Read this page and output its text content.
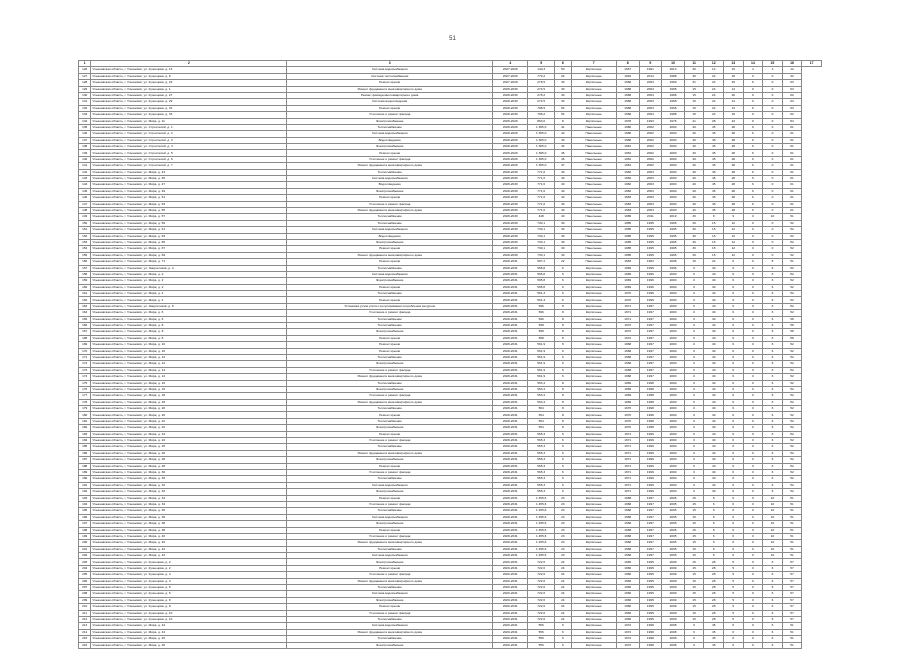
51
1	2	3	4	5	6	7	8	9	10	11	12	13	14	15	16	17
126	Ульяновская область, г. Ульяновск, ул. Кузнецова, д. 13	Система водоснабжения	2027-2029	140,3	50	Кирпичные	1967	1991	2013	30	14	15	4	3	12	
127	Ульяновская область, г. Ульяновск, ул. Кузнецова, д. 8	Система теплоснабжения	2027-2029	779,2	24	Кирпичные	1994	2014	1988	30	24	18	0	0	32	
128	Ульяновская область, г. Ульяновск, ул. Кузнецова, д. 22	Ремонт крыши	2027-2029	278,5	30	Кирпичные	1968	2003	1969	31	24	25	6	0	63	
129	Ульяновская область, г. Ульяновск, ул. Кузнецова, д. 1	Ремонт фундамента многоквартирного дома	2028-2030	274,5	30	Кирпичные	1968	2003	1968	15	24	14	0	0	63	
130	Ульяновская область, г. Ульяновск, ул. Кузнецова, д. 27	Ремонт фасада многоквартирного дома	2028-2030	278,2	30	Кирпичные	1968	2004	1988	15	24	26	6	0	62	
131	Ульяновская область, г. Ульяновск, ул. Кузнецова, д. 29	Система водоотведения	2028-2030	274,5	30	Кирпичные	1968	2003	1968	15	24	14	0	0	63	
132	Ульяновская область, г. Ульяновск, ул. Кузнецова, д. 31	Ремонт крыши	2028-2030	798,9	54	Кирпичные	1968	2003	1968	15	24	14	6	0	63	
133	Ульяновская область, г. Ульяновск, ул. Кузнецова, д. 33	Утепление и ремонт фасада	2028-2030	798,2	54	Кирпичные	1968	2004	1988	15	24	18	0	0	62	
134	Ульяновская область, г. Ульяновск, ул. Мира, д. 11	Электроснабжение	2028-2029	863,0	8	Кирпичные	1978	1993	1976	41	28	24	0	0	84	
135	Ульяновская область, г. Ульяновск, ул. Строителей, д. 1	Теплоснабжение	2028-2029	1 365,0	41	Панельные	1980	2002	2000	40	45	28	6	0	61	
136	Ульяновская область, г. Ульяновск, ул. Строителей, д. 2	Система водоснабжения	2028-2029	1 365,0	42	Панельные	1980	2002	2000	40	45	28	6	0	61	
137	Ульяновская область, г. Ульяновск, ул. Строителей, д. 3	Водоотведение	2028-2029	1 365,0	43	Панельные	1980	2002	2000	40	45	28	6	0	61	
138	Ульяновская область, г. Ульяновск, ул. Строителей, д. 4	Электроснабжение	2028-2029	1 365,0	44	Панельные	1981	2002	2000	40	45	28	6	0	61	
139	Ульяновская область, г. Ульяновск, ул. Строителей, д. 5	Ремонт крыши	2028-2029	1 365,0	45	Панельные	1981	2002	2000	40	45	28	6	0	61	
140	Ульяновская область, г. Ульяновск, ул. Строителей, д. 6	Утепление и ремонт фасада	2028-2029	1 365,0	46	Панельные	1981	2002	2000	40	45	28	6	0	61	
141	Ульяновская область, г. Ульяновск, ул. Строителей, д. 7	Ремонт фундамента многоквартирного дома	2028-2029	1 365,0	47	Панельные	1981	2002	2000	40	45	28	6	0	61	
142	Ульяновская область, г. Ульяновск, ул. Мира, д. 43	Теплоснабжение	2028-2030	771,6	40	Панельные	1982	2003	2000	40	45	28	6	0	61	
143	Ульяновская область, г. Ульяновск, ул. Мира, д. 45	Система водоснабжения	2028-2030	771,6	40	Панельные	1982	2003	2000	40	45	28	6	0	61	
144	Ульяновская область, г. Ульяновск, ул. Мира, д. 47	Водоотведение	2028-2030	771,6	40	Панельные	1982	2003	2000	40	45	28	6	0	61	
145	Ульяновская область, г. Ульяновск, ул. Мира, д. 49	Электроснабжение	2028-2030	771,6	40	Панельные	1982	2003	2000	40	45	28	6	0	61	
146	Ульяновская область, г. Ульяновск, ул. Мира, д. 51	Ремонт крыши	2028-2030	771,6	40	Панельные	1983	2003	2000	40	45	28	6	0	61	
147	Ульяновская область, г. Ульяновск, ул. Мира, д. 53	Утепление и ремонт фасада	2028-2030	771,6	40	Панельные	1983	2003	2000	40	45	28	6	0	61	
148	Ульяновская область, г. Ульяновск, ул. Мира, д. 55	Ремонт фундамента многоквартирного дома	2028-2030	771,6	40	Панельные	1983	2003	2000	40	45	28	6	0	61	
149	Ульяновская область, г. Ульяновск, ул. Мира, д. 57	Теплоснабжение	2028-2030	448	40	Панельные	1989	2011	2019	30	8	9	0	10	51	
150	Ульяновская область, г. Ульяновск, ул. Мира, д. 59	Теплоснабжение	2028-2030	730,1	30	Панельные	1985	1995	1995	30	15	12	0	0	52	
151	Ульяновская область, г. Ульяновск, ул. Мира, д. 61	Система водоснабжения	2028-2030	730,1	30	Панельные	1985	1995	1995	30	15	12	0	0	52	
152	Ульяновская область, г. Ульяновск, ул. Мира, д. 63	Водоотведение	2028-2030	730,1	30	Панельные	1985	1995	1995	30	15	12	0	0	52	
153	Ульяновская область, г. Ульяновск, ул. Мира, д. 65	Электроснабжение	2028-2030	730,1	30	Панельные	1985	1995	1995	30	15	12	0	0	52	
154	Ульяновская область, г. Ульяновск, ул. Мира, д. 67	Ремонт крыши	2028-2030	730,1	30	Панельные	1985	1995	1995	30	15	12	0	0	52	
155	Ульяновская область, г. Ульяновск, ул. Мира, д. 69	Ремонт фундамента многоквартирного дома	2028-2030	730,1	30	Панельные	1985	1995	1995	30	15	12	0	0	52	
156	Ульяновская область, г. Ульяновск, ул. Мира, д. 71	Ремонт крыши	2028-2031	997,2	22	Панельные	1983	1983	2008	15	24	6	0	8	51	
157	Ульяновская область, г. Ульяновск, ул. Энергетиков, д. 4	Теплоснабжение	2028-2031	595,8	6	Кирпичные	1969	1996	1996	0	40	6	0	6	52	
158	Ульяновская область, г. Ульяновск, ул. Мира, д. 2	Система водоснабжения	2028-2031	595,8	6	Кирпичные	1969	1996	2000	0	40	6	0	6	52	
159	Ульяновская область, г. Ульяновск, ул. Мира, д. 2	Электроснабжение	2028-2031	595,8	6	Кирпичные	1969	1996	2000	0	40	6	0	6	52	
160	Ульяновская область, г. Ульяновск, ул. Мира, д. 2	Ремонт крыши	2028-2031	595,8	6	Кирпичные	1969	1996	2000	0	40	6	0	6	52	
161	Ульяновская область, г. Ульяновск, ул. Мира, д. 4	Теплоснабжение	2028-2031	561,3	6	Кирпичные	1970	1996	2000	0	40	6	0	6	52	
162	Ульяновская область, г. Ульяновск, ул. Мира, д. 4	Ремонт крыши	2028-2031	561,3	6	Кирпичные	1970	1996	2000	0	40	6	0	6	52	
163	Ульяновская область, г. Ульяновск, ул. Энергетиков, д. 6	Установка узлов учёта и регулирования потребления ресурсов	2028-2031	596	8	Кирпичные	1971	1997	2000	0	40	6	0	6	52	
164	Ульяновская область, г. Ульяновск, ул. Мира, д. 6	Утепление и ремонт фасада	2028-2031	596	8	Кирпичные	1971	1997	2000	0	40	6	0	6	52	
165	Ульяновская область, г. Ульяновск, ул. Мира, д. 6	Теплоснабжение	2028-2031	596	8	Кирпичные	1971	1997	2000	0	40	6	0	6	58	
166	Ульяновская область, г. Ульяновск, ул. Мира, д. 8	Теплоснабжение	2028-2031	598	8	Кирпичные	1972	1997	2000	0	40	6	0	6	58	
167	Ульяновская область, г. Ульяновск, ул. Мира, д. 8	Электроснабжение	2028-2031	598	8	Кирпичные	1972	1997	2000	0	40	6	0	6	58	
168	Ульяновская область, г. Ульяновск, ул. Мира, д. 8	Ремонт крыши	2028-2031	598	8	Кирпичные	1972	1997	2000	0	40	6	0	6	58	
169	Ульяновская область, г. Ульяновск, ул. Мира, д. 10	Ремонт крыши	2028-2031	561,9	6	Кирпичные	1968	1997	2000	0	40	6	0	6	52	
170	Ульяновская область, г. Ульяновск, ул. Мира, д. 10	Ремонт крыши	2028-2031	561,9	6	Кирпичные	1968	1997	2000	0	40	6	0	6	52	
171	Ульяновская область, г. Ульяновск, ул. Мира, д. 12	Теплоснабжение	2028-2031	561,9	6	Кирпичные	1968	1997	2000	0	40	6	0	6	52	
172	Ульяновская область, г. Ульяновск, ул. Мира, д. 12	Электроснабжение	2028-2031	561,9	6	Кирпичные	1968	1997	2000	0	40	6	0	6	52	
173	Ульяновская область, г. Ульяновск, ул. Мира, д. 14	Утепление и ремонт фасада	2028-2031	561,9	6	Кирпичные	1968	1997	2000	0	40	6	0	6	52	
174	Ульяновская область, г. Ульяновск, ул. Мира, д. 14	Ремонт фундамента многоквартирного дома	2028-2031	561,9	6	Кирпичные	1968	1997	2000	0	40	6	0	6	52	
175	Ульяновская область, г. Ульяновск, ул. Мира, д. 16	Теплоснабжение	2028-2031	563,4	8	Кирпичные	1969	1998	2000	0	40	6	0	6	52	
176	Ульяновская область, г. Ульяновск, ул. Мира, д. 16	Электроснабжение	2028-2031	563,4	8	Кирпичные	1969	1998	2000	0	40	6	0	6	52	
177	Ульяновская область, г. Ульяновск, ул. Мира, д. 18	Утепление и ремонт фасада	2028-2031	563,4	8	Кирпичные	1969	1998	2000	0	40	6	0	6	52	
178	Ульяновская область, г. Ульяновск, ул. Мира, д. 18	Ремонт фундамента многоквартирного дома	2028-2031	563,4	8	Кирпичные	1969	1998	2000	0	40	6	0	6	52	
179	Ульяновская область, г. Ульяновск, ул. Мира, д. 20	Теплоснабжение	2028-2031	564	8	Кирпичные	1970	1998	2000	0	40	6	0	6	52	
180	Ульяновская область, г. Ульяновск, ул. Мира, д. 20	Ремонт крыши	2028-2031	564	8	Кирпичные	1970	1998	2000	0	40	6	0	6	52	
181	Ульяновская область, г. Ульяновск, ул. Мира, д. 22	Теплоснабжение	2028-2031	564	8	Кирпичные	1970	1998	2000	0	40	6	0	6	52	
182	Ульяновская область, г. Ульяновск, ул. Мира, д. 22	Электроснабжение	2028-2031	564	8	Кирпичные	1970	1998	2000	0	40	6	0	6	52	
183	Ульяновская область, г. Ульяновск, ул. Мира, д. 24	Ремонт крыши	2028-2031	565,3	6	Кирпичные	1971	1999	2000	0	40	6	0	6	52	
184	Ульяновская область, г. Ульяновск, ул. Мира, д. 24	Утепление и ремонт фасада	2028-2031	565,3	6	Кирпичные	1971	1999	2000	0	40	6	0	6	52	
185	Ульяновская область, г. Ульяновск, ул. Мира, д. 26	Теплоснабжение	2028-2031	565,3	6	Кирпичные	1971	1999	2000	0	40	6	0	6	52	
186	Ульяновская область, г. Ульяновск, ул. Мира, д. 26	Ремонт фундамента многоквартирного дома	2028-2031	565,3	6	Кирпичные	1971	1999	2000	0	40	6	0	6	52	
187	Ульяновская область, г. Ульяновск, ул. Мира, д. 28	Электроснабжение	2028-2031	565,3	6	Кирпичные	1971	1999	2000	0	40	6	0	6	52	
188	Ульяновская область, г. Ульяновск, ул. Мира, д. 28	Ремонт крыши	2028-2031	565,3	6	Кирпичные	1971	1999	2000	0	40	6	0	6	52	
189	Ульяновская область, г. Ульяновск, ул. Мира, д. 30	Утепление и ремонт фасада	2028-2031	565,3	6	Кирпичные	1971	1999	2000	0	40	6	0	6	52	
190	Ульяновская область, г. Ульяновск, ул. Мира, д. 30	Теплоснабжение	2028-2031	565,3	6	Кирпичные	1971	1999	2000	0	40	6	0	6	52	
191	Ульяновская область, г. Ульяновск, ул. Мира, д. 32	Система водоснабжения	2028-2031	565,3	6	Кирпичные	1971	1999	2000	0	40	6	0	6	52	
192	Ульяновская область, г. Ульяновск, ул. Мира, д. 32	Электроснабжение	2028-2031	565,3	6	Кирпичные	1971	1999	2000	0	40	6	0	6	52	
193	Ульяновская область, г. Ульяновск, ул. Мира, д. 34	Ремонт крыши	2028-2031	1 455,6	23	Кирпичные	1968	1997	2005	15	6	6	0	10	51	
194	Ульяновская область, г. Ульяновск, ул. Мира, д. 34	Утепление и ремонт фасада	2028-2031	1 455,6	23	Кирпичные	1968	1997	2005	15	6	6	0	10	51	
195	Ульяновская область, г. Ульяновск, ул. Мира, д. 36	Теплоснабжение	2028-2031	1 455,6	23	Кирпичные	1968	1997	2005	15	6	6	0	10	51	
196	Ульяновская область, г. Ульяновск, ул. Мира, д. 36	Система водоснабжения	2028-2031	1 455,6	23	Кирпичные	1968	1997	2005	15	6	6	0	10	51	
197	Ульяновская область, г. Ульяновск, ул. Мира, д. 38	Электроснабжение	2028-2031	1 455,6	23	Кирпичные	1968	1997	2005	15	6	6	0	10	51	
198	Ульяновская область, г. Ульяновск, ул. Мира, д. 38	Ремонт крыши	2028-2031	1 455,6	23	Кирпичные	1968	1997	2005	15	6	6	0	10	51	
199	Ульяновская область, г. Ульяновск, ул. Мира, д. 40	Утепление и ремонт фасада	2028-2031	1 455,6	23	Кирпичные	1968	1997	2005	15	6	6	0	10	51	
200	Ульяновская область, г. Ульяновск, ул. Мира, д. 40	Ремонт фундамента многоквартирного дома	2028-2031	1 455,6	23	Кирпичные	1968	1997	2005	15	6	6	0	10	51	
201	Ульяновская область, г. Ульяновск, ул. Мира, д. 42	Теплоснабжение	2028-2031	1 455,6	23	Кирпичные	1968	1997	2005	15	6	6	0	10	51	
202	Ульяновская область, г. Ульяновск, ул. Мира, д. 42	Система водоснабжения	2028-2031	1 455,6	23	Кирпичные	1968	1997	2005	15	6	6	0	10	51	
203	Ульяновская область, г. Ульяновск, ул. Кузнецова, д. 2	Электроснабжение	2029-2031	722,6	24	Кирпичные	1966	1995	2009	15	28	5	0	6	57	
204	Ульяновская область, г. Ульяновск, ул. Кузнецова, д. 2	Ремонт крыши	2029-2031	722,6	24	Кирпичные	1966	1995	2009	15	28	5	0	6	57	
205	Ульяновская область, г. Ульяновск, ул. Кузнецова, д. 4	Утепление и ремонт фасада	2029-2031	722,6	24	Кирпичные	1966	1995	2009	15	28	5	0	6	57	
206	Ульяновская область, г. Ульяновск, ул. Кузнецова, д. 4	Ремонт фундамента многоквартирного дома	2029-2031	722,6	24	Кирпичные	1966	1995	2009	15	28	5	0	6	57	
207	Ульяновская область, г. Ульяновск, ул. Кузнецова, д. 6	Теплоснабжение	2029-2031	722,6	24	Кирпичные	1966	1995	2009	15	28	5	0	6	57	
208	Ульяновская область, г. Ульяновск, ул. Кузнецова, д. 6	Система водоснабжения	2029-2031	722,6	24	Кирпичные	1966	1995	2009	15	28	5	0	6	57	
209	Ульяновская область, г. Ульяновск, ул. Кузнецова, д. 8	Электроснабжение	2029-2031	722,6	24	Кирпичные	1966	1995	2009	15	28	5	0	6	57	
210	Ульяновская область, г. Ульяновск, ул. Кузнецова, д. 8	Ремонт крыши	2029-2031	722,6	24	Кирпичные	1966	1995	2009	15	28	5	0	6	57	
211	Ульяновская область, г. Ульяновск, ул. Кузнецова, д. 10	Утепление и ремонт фасада	2029-2031	722,6	24	Кирпичные	1966	1995	2009	15	28	5	0	6	57	
212	Ульяновская область, г. Ульяновск, ул. Кузнецова, д. 10	Теплоснабжение	2029-2031	722,6	24	Кирпичные	1966	1995	2009	15	28	5	0	6	57	
213	Ульяновская область, г. Ульяновск, ул. Мира, д. 44	Система водоснабжения	2029-2031	556	6	Кирпичные	1972	1998	2008	0	45	6	0	6	51	
214	Ульяновская область, г. Ульяновск, ул. Мира, д. 44	Ремонт фундамента многоквартирного дома	2029-2031	556	6	Кирпичные	1972	1998	2008	0	45	6	0	6	51	
215	Ульяновская область, г. Ульяновск, ул. Мира, д. 46	Теплоснабжение	2029-2031	556	6	Кирпичные	1972	1998	2008	0	45	6	0	6	51	
216	Ульяновская область, г. Ульяновск, ул. Мира, д. 46	Электроснабжение	2029-2031	556	6	Кирпичные	1972	1998	2008	0	45	6	0	6	51	
